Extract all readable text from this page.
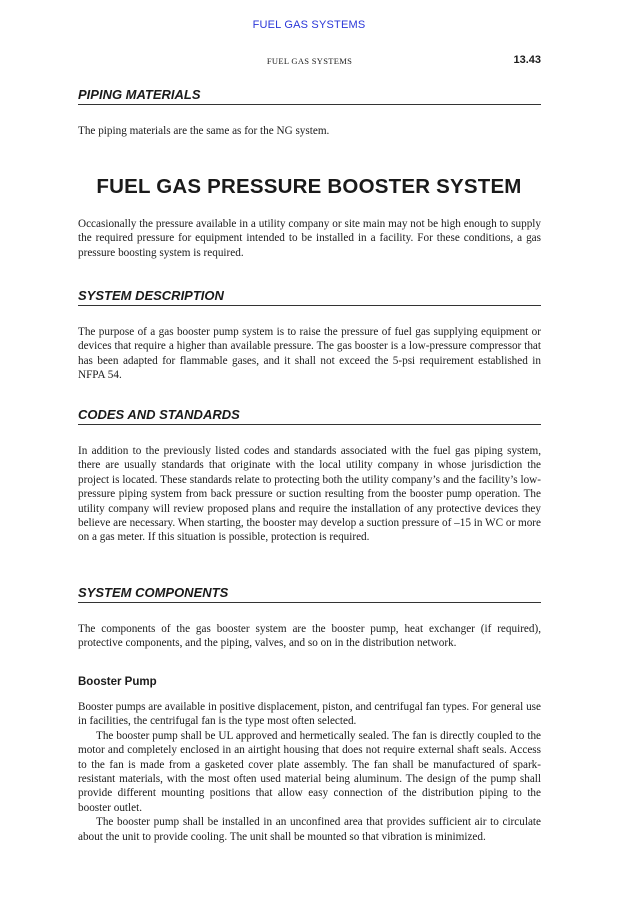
FUEL GAS SYSTEMS
FUEL GAS SYSTEMS	13.43
PIPING MATERIALS
The piping materials are the same as for the NG system.
FUEL GAS PRESSURE BOOSTER SYSTEM
Occasionally the pressure available in a utility company or site main may not be high enough to supply the required pressure for equipment intended to be installed in a facility. For these conditions, a gas pressure boosting system is required.
SYSTEM DESCRIPTION
The purpose of a gas booster pump system is to raise the pressure of fuel gas supplying equipment or devices that require a higher than available pressure. The gas booster is a low-pressure compressor that has been adapted for flammable gases, and it shall not exceed the 5-psi requirement established in NFPA 54.
CODES AND STANDARDS
In addition to the previously listed codes and standards associated with the fuel gas piping system, there are usually standards that originate with the local utility company in whose jurisdiction the project is located. These standards relate to protecting both the utility company’s and the facility’s low-pressure piping system from back pressure or suction resulting from the booster pump operation. The utility company will review proposed plans and require the installation of any protective devices they believe are necessary. When starting, the booster may develop a suction pressure of –15 in WC or more on a gas meter. If this situation is possible, protection is required.
SYSTEM COMPONENTS
The components of the gas booster system are the booster pump, heat exchanger (if required), protective components, and the piping, valves, and so on in the distribution network.
Booster Pump

Booster pumps are available in positive displacement, piston, and centrifugal fan types. For general use in facilities, the centrifugal fan is the type most often selected.

The booster pump shall be UL approved and hermetically sealed. The fan is directly coupled to the motor and completely enclosed in an airtight housing that does not require external shaft seals. Access to the fan is made from a gasketed cover plate assembly. The fan shall be manufactured of spark-resistant materials, with the most often used material being aluminum. The design of the pump shall provide different mounting positions that allow easy connection of the distribution piping to the booster outlet.

The booster pump shall be installed in an unconfined area that provides sufficient air to circulate about the unit to provide cooling. The unit shall be mounted so that vibration is minimized.
